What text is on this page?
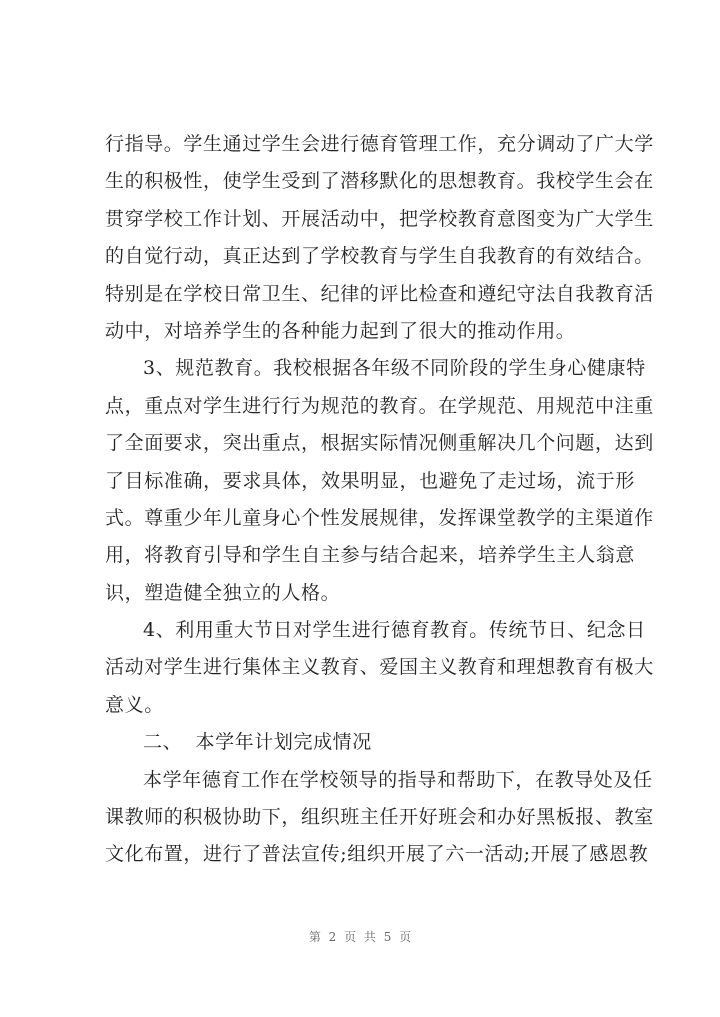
行指导。学生通过学生会进行德育管理工作，充分调动了广大学
生的积极性，使学生受到了潜移默化的思想教育。我校学生会在
贯穿学校工作计划、开展活动中，把学校教育意图变为广大学生
的自觉行动，真正达到了学校教育与学生自我教育的有效结合。
特别是在学校日常卫生、纪律的评比检查和遵纪守法自我教育活
动中，对培养学生的各种能力起到了很大的推动作用。
3、规范教育。我校根据各年级不同阶段的学生身心健康特
点，重点对学生进行行为规范的教育。在学规范、用规范中注重
了全面要求，突出重点，根据实际情况侧重解决几个问题，达到
了目标准确，要求具体，效果明显，也避免了走过场，流于形
式。尊重少年儿童身心个性发展规律，发挥课堂教学的主渠道作
用，将教育引导和学生自主参与结合起来，培养学生主人翁意
识，塑造健全独立的人格。
4、利用重大节日对学生进行德育教育。传统节日、纪念日
活动对学生进行集体主义教育、爱国主义教育和理想教育有极大
意义。
二、  本学年计划完成情况
本学年德育工作在学校领导的指导和帮助下，在教导处及任
课教师的积极协助下，组织班主任开好班会和办好黑板报、教室
文化布置，进行了普法宣传;组织开展了六一活动;开展了感恩教
第 2 页 共 5 页
